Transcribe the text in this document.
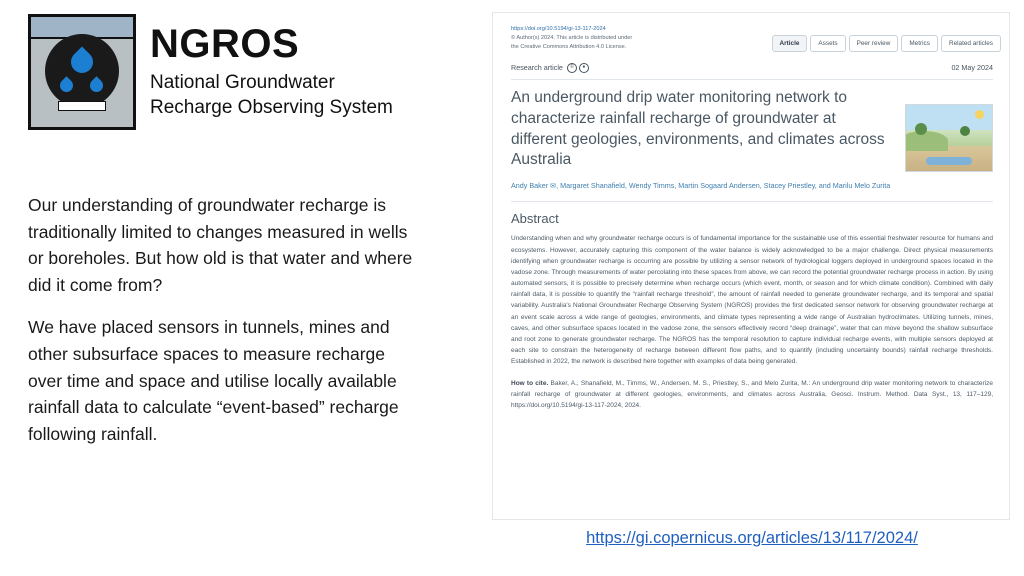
NGROS
National Groundwater
Recharge Observing System

Our understanding of groundwater recharge is traditionally limited to changes measured in wells or boreholes. But how old is that water and where did it come from?

We have placed sensors in tunnels, mines and other subsurface spaces to measure recharge over time and space and utilise locally available rainfall data to calculate “event-based” recharge following rainfall.

https://doi.org/10.5194/gi-13-117-2024
© Author(s) 2024. This article is distributed under
the Creative Commons Attribution 4.0 License.
Article	Assets	Peer review	Metrics	Related articles
Research article	©	●	02 May 2024
An underground drip water monitoring network to characterize rainfall recharge of groundwater at different geologies, environments, and climates across Australia
Andy Baker ✉, Margaret Shanafield, Wendy Timms, Martin Sogaard Andersen, Stacey Priestley, and Marilu Melo Zurita
Abstract
Understanding when and why groundwater recharge occurs is of fundamental importance for the sustainable use of this essential freshwater resource for humans and ecosystems. However, accurately capturing this component of the water balance is widely acknowledged to be a major challenge. Direct physical measurements identifying when groundwater recharge is occurring are possible by utilizing a sensor network of hydrological loggers deployed in underground spaces located in the vadose zone. Through measurements of water percolating into these spaces from above, we can record the potential groundwater recharge process in action. By using automated sensors, it is possible to precisely determine when recharge occurs (which event, month, or season and for which climate condition). Combined with daily rainfall data, it is possible to quantify the “rainfall recharge threshold”, the amount of rainfall needed to generate groundwater recharge, and its temporal and spatial variability. Australia's National Groundwater Recharge Observing System (NGROS) provides the first dedicated sensor network for observing groundwater recharge at an event scale across a wide range of geologies, environments, and climate types representing a wide range of Australian hydroclimates. Utilizing tunnels, mines, caves, and other subsurface spaces located in the vadose zone, the sensors effectively record “deep drainage”, water that can move beyond the shallow subsurface and root zone to generate groundwater recharge. The NGROS has the temporal resolution to capture individual recharge events, with multiple sensors deployed at each site to constrain the heterogeneity of recharge between different flow paths, and to quantify (including uncertainty bounds) rainfall recharge thresholds. Established in 2022, the network is described here together with examples of data being generated.
How to cite. Baker, A., Shanafield, M., Timms, W., Andersen, M. S., Priestley, S., and Melo Zurita, M.: An underground drip water monitoring network to characterize rainfall recharge of groundwater at different geologies, environments, and climates across Australia, Geosci. Instrum. Method. Data Syst., 13, 117–129, https://doi.org/10.5194/gi-13-117-2024, 2024.
https://gi.copernicus.org/articles/13/117/2024/
